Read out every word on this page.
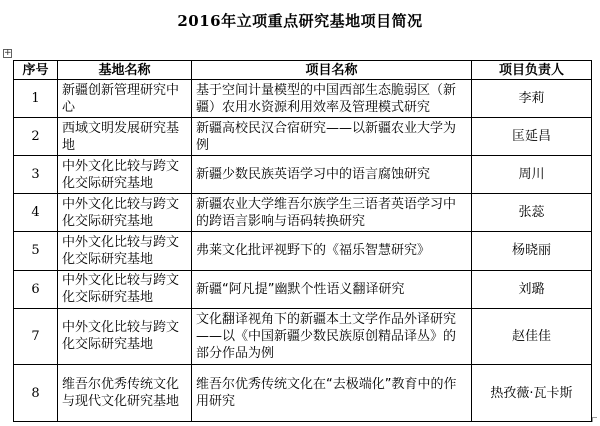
2016年立项重点研究基地项目简况
+
序号	基地名称	项目名称	项目负责人
1	新疆创新管理研究中心	基于空间计量模型的中国西部生态脆弱区（新疆）农用水资源利用效率及管理模式研究	李莉
2	西域文明发展研究基地	新疆高校民汉合宿研究——以新疆农业大学为例	匡延昌
3	中外文化比较与跨文化交际研究基地	新疆少数民族英语学习中的语言腐蚀研究	周川
4	中外文化比较与跨文化交际研究基地	新疆农业大学维吾尔族学生三语者英语学习中的跨语言影响与语码转换研究	张蕊
5	中外文化比较与跨文化交际研究基地	弗莱文化批评视野下的《福乐智慧研究》	杨晓丽
6	中外文化比较与跨文化交际研究基地	新疆“阿凡提”幽默个性语义翻译研究	刘璐
7	中外文化比较与跨文化交际研究基地	文化翻译视角下的新疆本土文学作品外译研究——以《中国新疆少数民族原创精品译丛》的部分作品为例	赵佳佳
8	维吾尔优秀传统文化与现代文化研究基地	维吾尔优秀传统文化在“去极端化”教育中的作用研究	热孜薇·瓦卡斯
